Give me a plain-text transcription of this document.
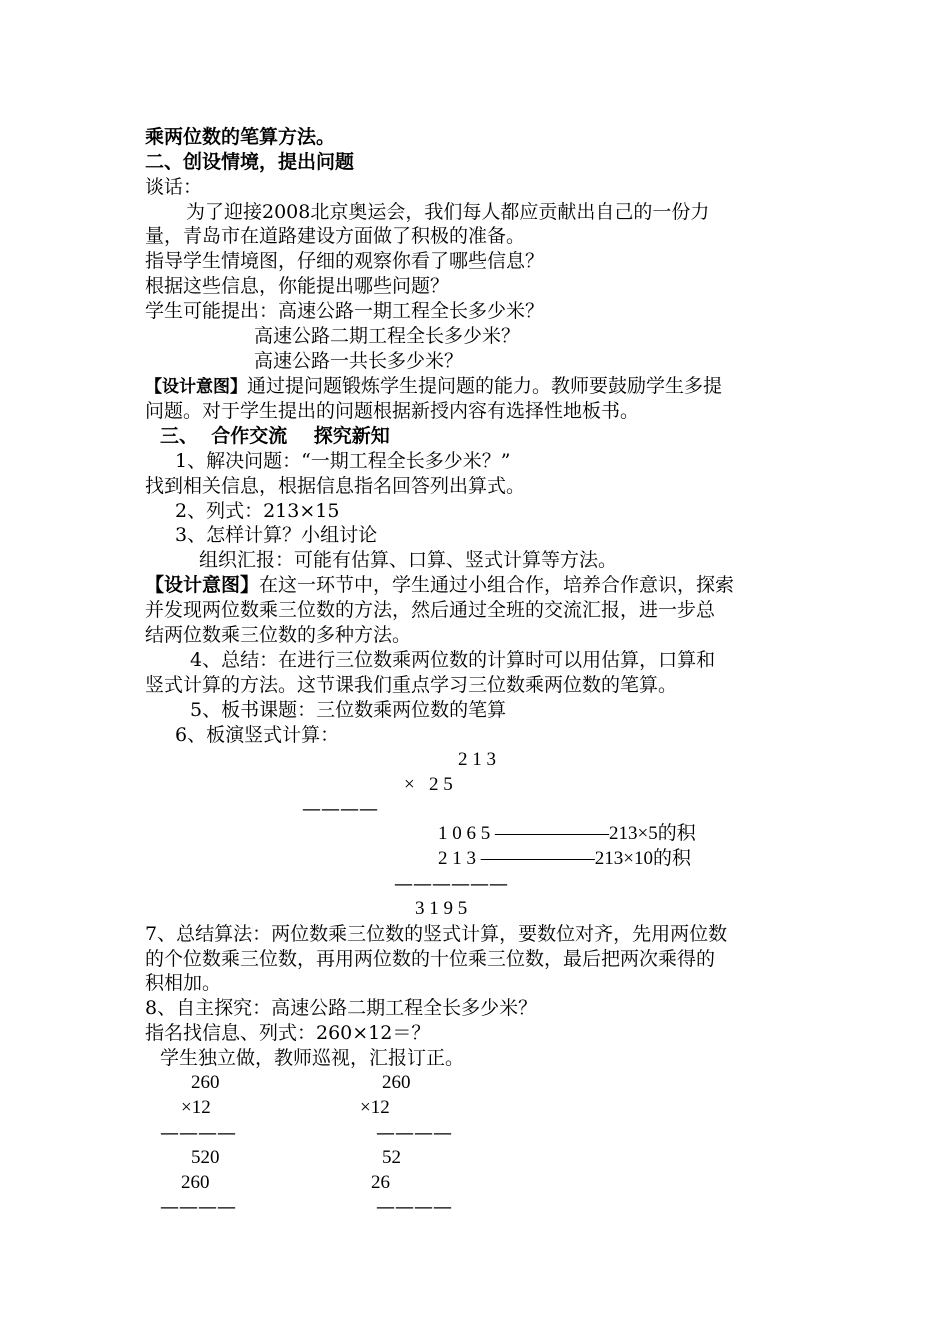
乘两位数的笔算方法。
二、创设情境，提出问题
谈话：
为了迎接2008北京奥运会，我们每人都应贡献出自己的一份力
量，青岛市在道路建设方面做了积极的准备。
指导学生情境图，仔细的观察你看了哪些信息？
根据这些信息，你能提出哪些问题？
学生可能提出：高速公路一期工程全长多少米？
高速公路二期工程全长多少米？
高速公路一共长多少米？
【设计意图】通过提问题锻炼学生提问题的能力。教师要鼓励学生多提
问题。对于学生提出的问题根据新授内容有选择性地板书。
三、  合作交流    探究新知
1、解决问题：“一期工程全长多少米？”
找到相关信息，根据信息指名回答列出算式。
2、列式：213×15
3、怎样计算？小组讨论
组织汇报：可能有估算、口算、竖式计算等方法。
【设计意图】在这一环节中，学生通过小组合作，培养合作意识，探索
并发现两位数乘三位数的方法，然后通过全班的交流汇报，进一步总
结两位数乘三位数的多种方法。
4、总结：在进行三位数乘两位数的计算时可以用估算，口算和
竖式计算的方法。这节课我们重点学习三位数乘两位数的笔算。
5、板书课题：三位数乘两位数的笔算
6、板演竖式计算：
2 1 3
×   2 5
————
1 0 6 5 ——————213×5的积
2 1 3 ——————213×10的积
——————
3 1 9 5
7、总结算法：两位数乘三位数的竖式计算，要数位对齐，先用两位数
的个位数乘三位数，再用两位数的十位乘三位数，最后把两次乘得的
积相加。
8、自主探究：高速公路二期工程全长多少米？
指名找信息、列式：260×12＝？
学生独立做，教师巡视，汇报订正。
260
×12
————
520
260
————
260
×12
————
52
26
————
